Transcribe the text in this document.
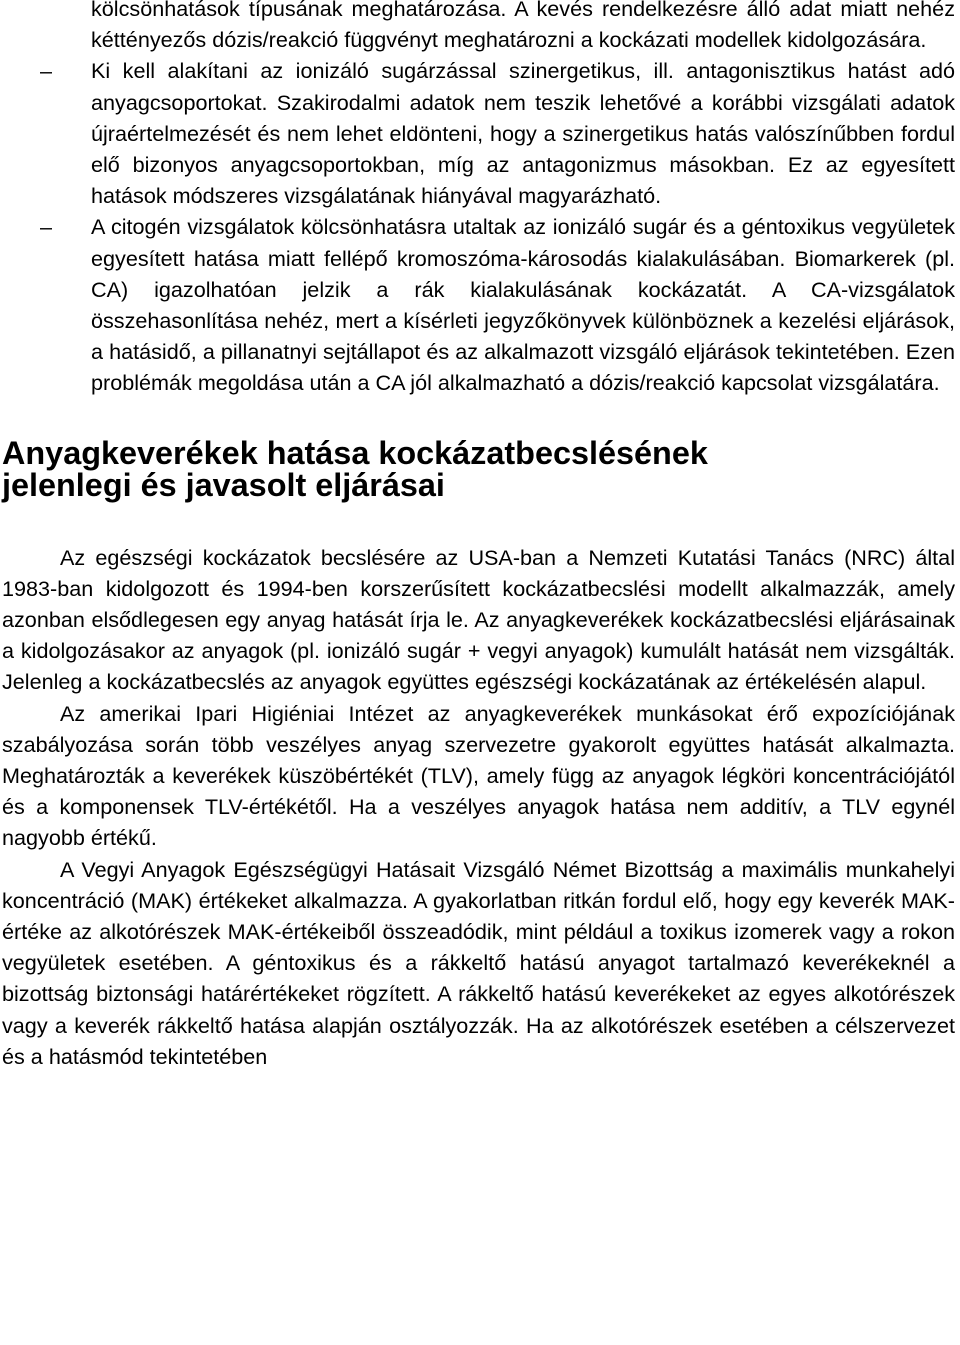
kölcsönhatások típusának meghatározása. A kevés rendelkezésre álló adat miatt nehéz kéttényezős dózis/reakció függvényt meghatározni a kockázati modellek kidolgozására.
– Ki kell alakítani az ionizáló sugárzással szinergetikus, ill. antagonisztikus hatást adó anyagcsoportokat. Szakirodalmi adatok nem teszik lehetővé a korábbi vizsgálati adatok újraértelmezését és nem lehet eldönteni, hogy a szinergetikus hatás valószínűbben fordul elő bizonyos anyagcsoportokban, míg az antagonizmus másokban. Ez az egyesített hatások módszeres vizsgálatának hiányával magyarázható.
– A citogén vizsgálatok kölcsönhatásra utaltak az ionizáló sugár és a géntoxikus vegyületek egyesített hatása miatt fellépő kromoszóma-károsodás kialakulásában. Biomarkerek (pl. CA) igazolhatóan jelzik a rák kialakulásának kockázatát. A CA-vizsgálatok összehasonlítása nehéz, mert a kísérleti jegyzőkönyvek különböznek a kezelési eljárások, a hatásidő, a pillanatnyi sejtállapot és az alkalmazott vizsgáló eljárások tekintetében. Ezen problémák megoldása után a CA jól alkalmazható a dózis/reakció kapcsolat vizsgálatára.
Anyagkeverékek hatása kockázatbecslésének jelenlegi és javasolt eljárásai

Az egészségi kockázatok becslésére az USA-ban a Nemzeti Kutatási Tanács (NRC) által 1983-ban kidolgozott és 1994-ben korszerűsített kockázatbecslési modellt alkalmazzák, amely azonban elsődlegesen egy anyag hatását írja le. Az anyagkeverékek kockázatbecslési eljárásainak a kidolgozásakor az anyagok (pl. ionizáló sugár + vegyi anyagok) kumulált hatását nem vizsgálták. Jelenleg a kockázatbecslés az anyagok együttes egészségi kockázatának az értékelésén alapul.

Az amerikai Ipari Higiéniai Intézet az anyagkeverékek munkásokat érő expozíciójának szabályozása során több veszélyes anyag szervezetre gyakorolt együttes hatását alkalmazta. Meghatározták a keverékek küszöbértékét (TLV), amely függ az anyagok légköri koncentrációjától és a komponensek TLV-értékétől. Ha a veszélyes anyagok hatása nem additív, a TLV egynél nagyobb értékű.

A Vegyi Anyagok Egészségügyi Hatásait Vizsgáló Német Bizottság a maximális munkahelyi koncentráció (MAK) értékeket alkalmazza. A gyakorlatban ritkán fordul elő, hogy egy keverék MAK-értéke az alkotórészek MAK-értékeiből összeadódik, mint például a toxikus izomerek vagy a rokon vegyületek esetében. A géntoxikus és a rákkeltő hatású anyagot tartalmazó keverékeknél a bizottság biztonsági határértékeket rögzített. A rákkeltő hatású keverékeket az egyes alkotórészek vagy a keverék rákkeltő hatása alapján osztályozzák. Ha az alkotórészek esetében a célszervezet és a hatásmód tekintetében
